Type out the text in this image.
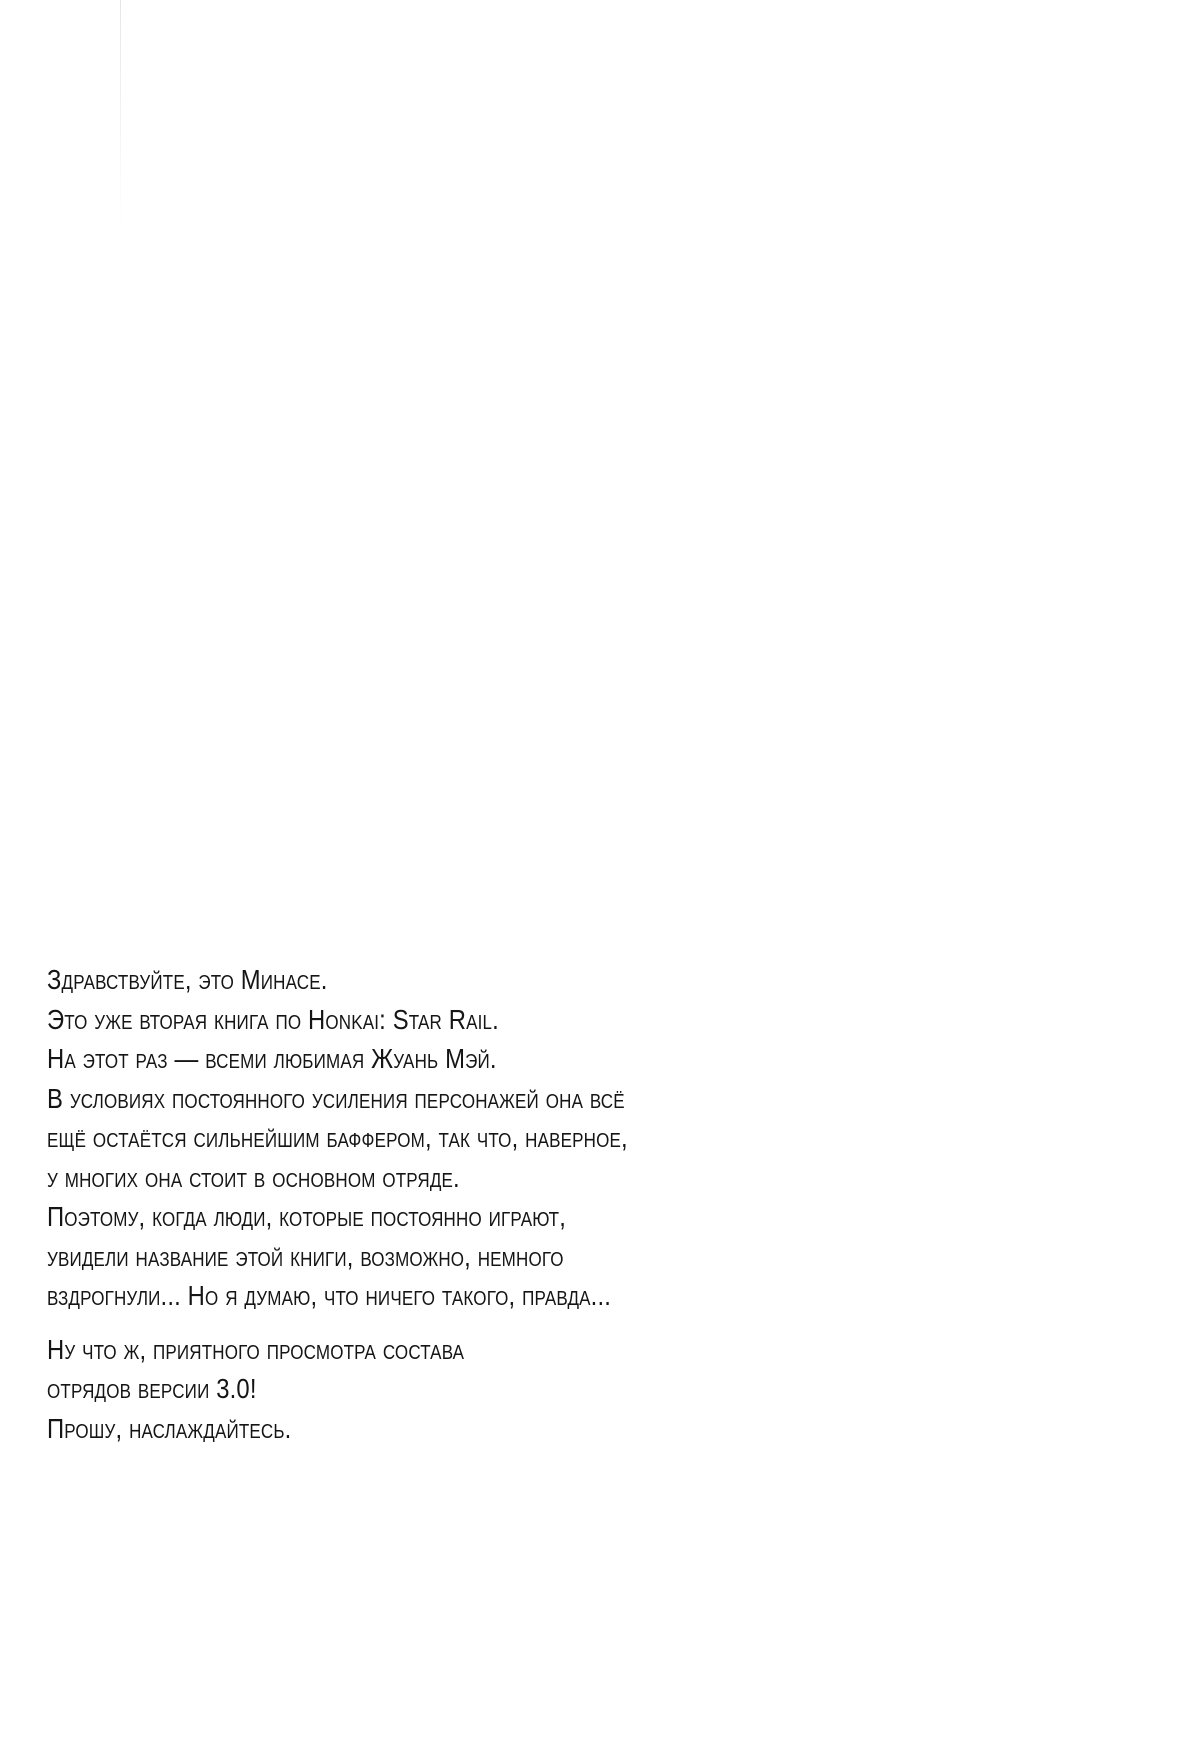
Здравствуйте, это Минасе.
Это уже вторая книга по Honkai: Star Rail.
На этот раз — всеми любимая Жуань Мэй.
В условиях постоянного усиления персонажей она всё
ещё остаётся сильнейшим баффером, так что, наверное,
у многих она стоит в основном отряде.
Поэтому, когда люди, которые постоянно играют,
увидели название этой книги, возможно, немного
вздрогнули... Но я думаю, что ничего такого, правда...

Ну что ж, приятного просмотра состава
отрядов версии 3.0!
Прошу, наслаждайтесь.
